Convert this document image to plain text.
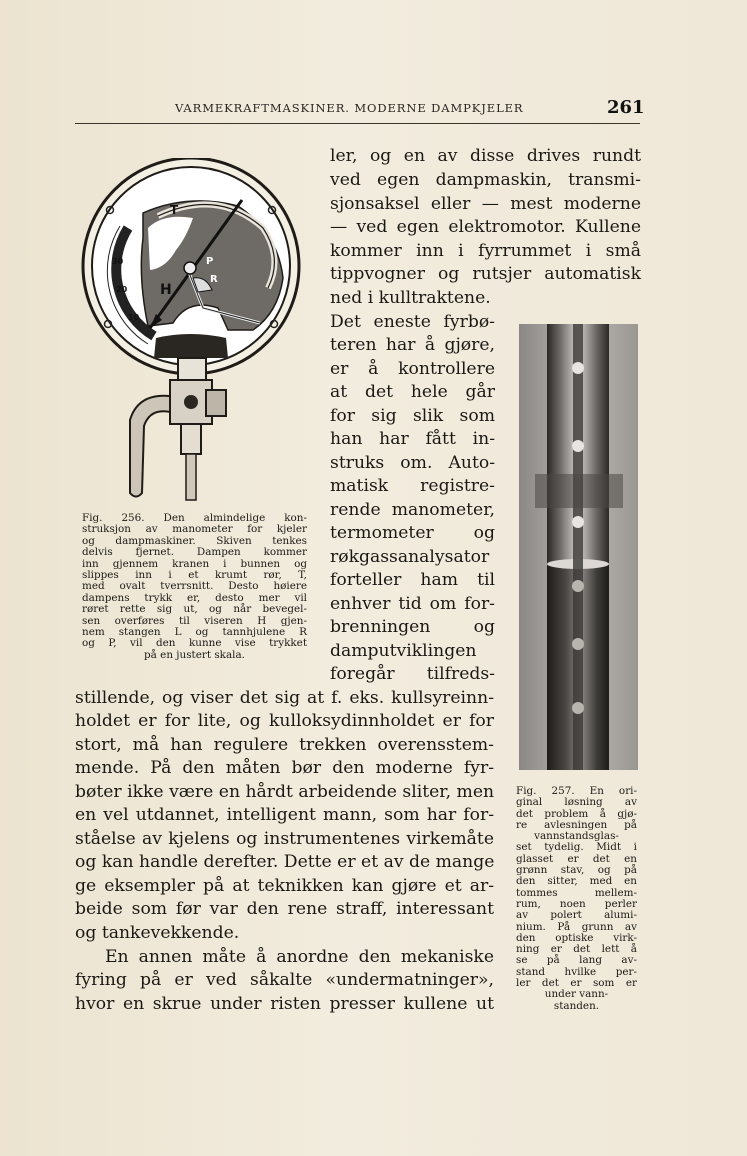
VARMEKRAFTMASKINER. MODERNE DAMPKJELER	261
T
H
P
R
L
30
20
10
Fig. 256. Den almindelige kon-
struksjon av manometer for kjeler
og dampmaskiner. Skiven tenkes
delvis fjernet. Dampen kommer
inn gjennem kranen i bunnen og
slippes inn i et krumt rør, T,
med ovalt tverrsnitt. Desto høiere
dampens trykk er, desto mer vil
røret rette sig ut, og når bevegel-
sen overføres til viseren H gjen-
nem stangen L og tannhjulene R
og P, vil den kunne vise trykket
på en justert skala.
Fig. 257. En ori-
ginal løsning av
det problem å gjø-
re avlesningen på
vannstandsglas-
set tydelig. Midt i
glasset er det en
grønn stav, og på
den sitter, med en
tommes mellem-
rum, noen perler
av polert alumi-
nium. På grunn av
den optiske virk-
ning er det lett å
se på lang av-
stand hvilke per-
ler det er som er
under vann-
standen.
ler, og en av disse drives rundt
ved egen dampmaskin, transmi-
sjonsaksel eller — mest moderne
— ved egen elektromotor. Kullene
kommer inn i fyrrummet i små
tippvogner og rutsjer automatisk
ned i kulltraktene.
Det eneste fyrbø-
teren har å gjøre,
er å kontrollere
at det hele går
for sig slik som
han har fått in-
struks om. Auto-
matisk registre-
rende manometer,
termometer og
røkgassanalysator
forteller ham til
enhver tid om for-
brenningen og
damputviklingen
foregår tilfreds-
stillende, og viser det sig at f. eks. kullsyreinn-
holdet er for lite, og kulloksydinnholdet er for
stort, må han regulere trekken overensstem-
mende. På den måten bør den moderne fyr-
bøter ikke være en hårdt arbeidende sliter, men
en vel utdannet, intelligent mann, som har for-
ståelse av kjelens og instrumentenes virkemåte
og kan handle derefter. Dette er et av de mange
ge eksempler på at teknikken kan gjøre et ar-
beide som før var den rene straff, interessant
og tankevekkende.
En annen måte å anordne den mekaniske
fyring på er ved såkalte «undermatninger»,
hvor en skrue under risten presser kullene ut
